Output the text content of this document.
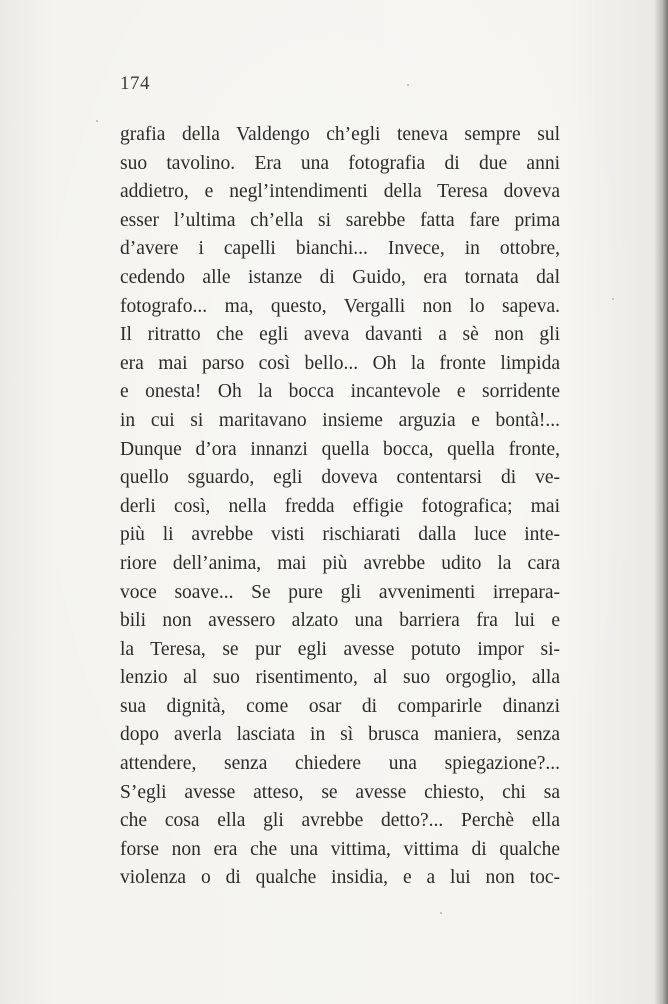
174
grafia della Valdengo ch’egli teneva sempre sul
suo tavolino. Era una fotografia di due anni
addietro, e negl’intendimenti della Teresa doveva
esser l’ultima ch’ella si sarebbe fatta fare prima
d’avere i capelli bianchi... Invece, in ottobre,
cedendo alle istanze di Guido, era tornata dal
fotografo... ma, questo, Vergalli non lo sapeva.
Il ritratto che egli aveva davanti a sè non gli
era mai parso così bello... Oh la fronte limpida
e onesta! Oh la bocca incantevole e sorridente
in cui si maritavano insieme arguzia e bontà!...
Dunque d’ora innanzi quella bocca, quella fronte,
quello sguardo, egli doveva contentarsi di ve-
derli così, nella fredda effigie fotografica; mai
più li avrebbe visti rischiarati dalla luce inte-
riore dell’anima, mai più avrebbe udito la cara
voce soave... Se pure gli avvenimenti irrepara-
bili non avessero alzato una barriera fra lui e
la Teresa, se pur egli avesse potuto impor si-
lenzio al suo risentimento, al suo orgoglio, alla
sua dignità, come osar di comparirle dinanzi
dopo averla lasciata in sì brusca maniera, senza
attendere, senza chiedere una spiegazione?...
S’egli avesse atteso, se avesse chiesto, chi sa
che cosa ella gli avrebbe detto?... Perchè ella
forse non era che una vittima, vittima di qualche
violenza o di qualche insidia, e a lui non toc-
